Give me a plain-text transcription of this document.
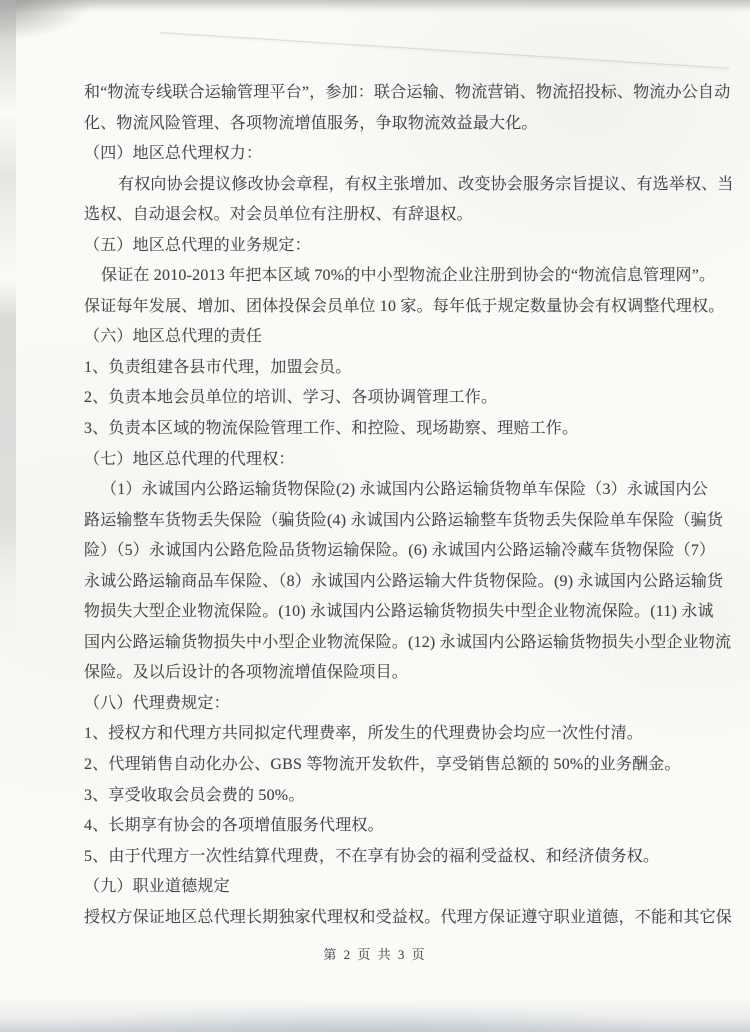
和“物流专线联合运输管理平台”，参加：联合运输、物流营销、物流招投标、物流办公自动
化、物流风险管理、各项物流增值服务，争取物流效益最大化。
（四）地区总代理权力：
有权向协会提议修改协会章程，有权主张增加、改变协会服务宗旨提议、有选举权、当
选权、自动退会权。对会员单位有注册权、有辞退权。
（五）地区总代理的业务规定：
保证在 2010-2013 年把本区域 70%的中小型物流企业注册到协会的“物流信息管理网”。
保证每年发展、增加、团体投保会员单位 10 家。每年低于规定数量协会有权调整代理权。
（六）地区总代理的责任
1、负责组建各县市代理，加盟会员。
2、负责本地会员单位的培训、学习、各项协调管理工作。
3、负责本区域的物流保险管理工作、和控险、现场勘察、理赔工作。
（七）地区总代理的代理权：
（1）永诚国内公路运输货物保险(2) 永诚国内公路运输货物单车保险（3）永诚国内公
路运输整车货物丢失保险（骗货险(4) 永诚国内公路运输整车货物丢失保险单车保险（骗货
险）（5）永诚国内公路危险品货物运输保险。(6) 永诚国内公路运输冷藏车货物保险（7）
永诚公路运输商品车保险、（8）永诚国内公路运输大件货物保险。(9) 永诚国内公路运输货
物损失大型企业物流保险。(10) 永诚国内公路运输货物损失中型企业物流保险。(11) 永诚
国内公路运输货物损失中小型企业物流保险。(12) 永诚国内公路运输货物损失小型企业物流
保险。及以后设计的各项物流增值保险项目。
（八）代理费规定：
1、授权方和代理方共同拟定代理费率，所发生的代理费协会均应一次性付清。
2、代理销售自动化办公、GBS 等物流开发软件，享受销售总额的 50%的业务酬金。
3、享受收取会员会费的 50%。
4、长期享有协会的各项增值服务代理权。
5、由于代理方一次性结算代理费，不在享有协会的福利受益权、和经济债务权。
（九）职业道德规定
授权方保证地区总代理长期独家代理权和受益权。代理方保证遵守职业道德，不能和其它保
第 2 页 共 3 页
